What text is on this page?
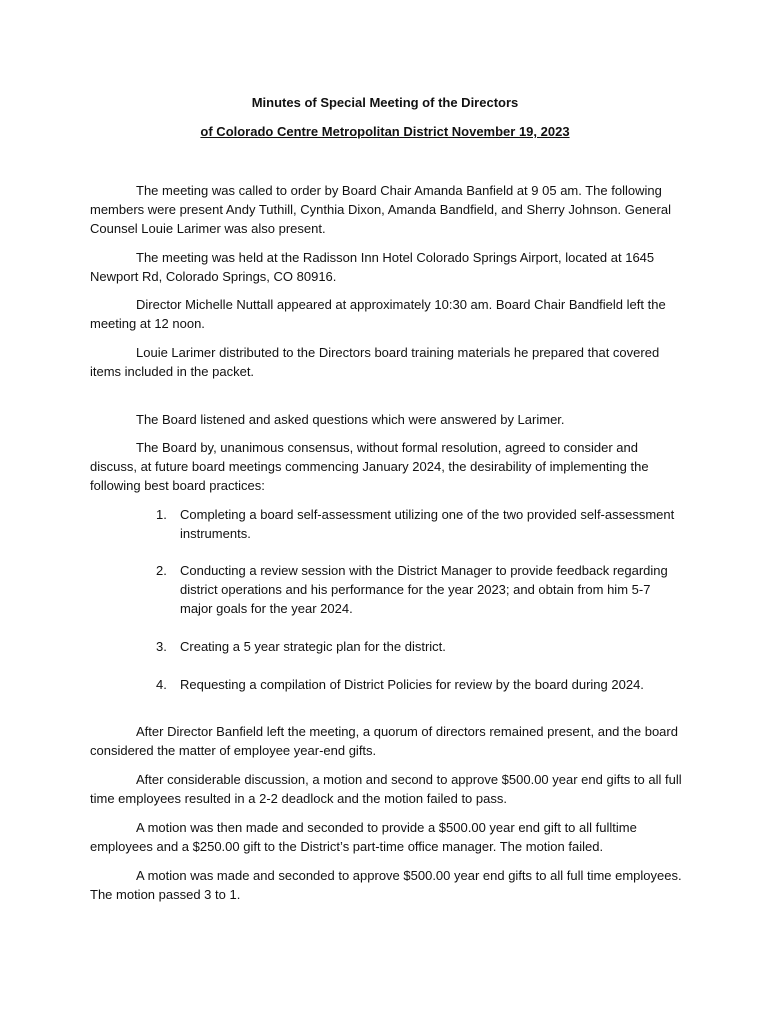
Minutes of Special Meeting of the Directors
of Colorado Centre Metropolitan District November 19, 2023

The meeting was called to order by Board Chair Amanda Banfield at 9 05 am. The following members were present Andy Tuthill, Cynthia Dixon, Amanda Bandfield, and Sherry Johnson. General Counsel Louie Larimer was also present.

The meeting was held at the Radisson Inn Hotel Colorado Springs Airport, located at 1645 Newport Rd, Colorado Springs, CO 80916.

Director Michelle Nuttall appeared at approximately 10:30 am. Board Chair Bandfield left the meeting at 12 noon.

Louie Larimer distributed to the Directors board training materials he prepared that covered items included in the packet.

The Board listened and asked questions which were answered by Larimer.

The Board by, unanimous consensus, without formal resolution, agreed to consider and discuss, at future board meetings commencing January 2024, the desirability of implementing the following best board practices:

1. Completing a board self-assessment utilizing one of the two provided self-assessment instruments.
2. Conducting a review session with the District Manager to provide feedback regarding district operations and his performance for the year 2023; and obtain from him 5-7 major goals for the year 2024.
3. Creating a 5 year strategic plan for the district.
4. Requesting a compilation of District Policies for review by the board during 2024.

After Director Banfield left the meeting, a quorum of directors remained present, and the board considered the matter of employee year-end gifts.

After considerable discussion, a motion and second to approve $500.00 year end gifts to all full time employees resulted in a 2-2 deadlock and the motion failed to pass.

A motion was then made and seconded to provide a $500.00 year end gift to all fulltime employees and a $250.00 gift to the District’s part-time office manager. The motion failed.

A motion was made and seconded to approve $500.00 year end gifts to all full time employees. The motion passed 3 to 1.
